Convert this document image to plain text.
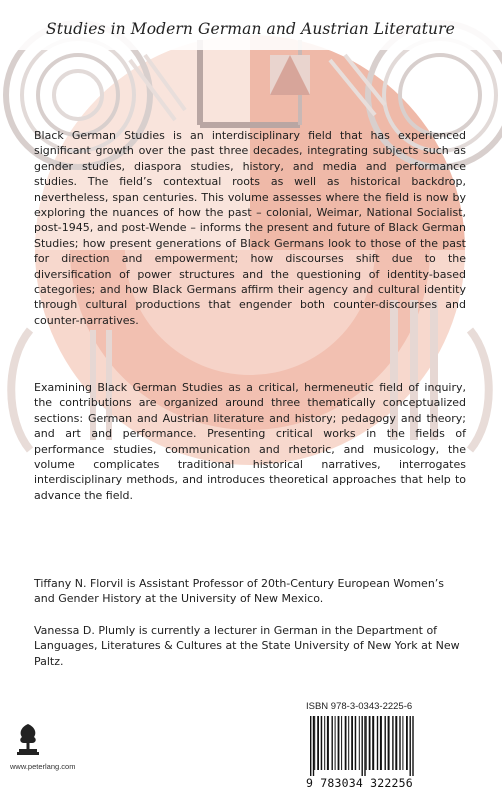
Studies in Modern German and Austrian Literature

Black German Studies is an interdisciplinary field that has experienced significant growth over the past three decades, integrating subjects such as gender studies, diaspora studies, history, and media and performance studies. The field’s contextual roots as well as historical backdrop, nevertheless, span centuries. This volume assesses where the field is now by exploring the nuances of how the past – colonial, Weimar, National Socialist, post-1945, and post-Wende – informs the present and future of Black German Studies; how present generations of Black Germans look to those of the past for direction and empowerment; how discourses shift due to the diversification of power structures and the questioning of identity-based categories; and how Black Germans affirm their agency and cultural identity through cultural productions that engender both counter-discourses and counter-narratives.

Examining Black German Studies as a critical, hermeneutic field of inquiry, the contributions are organized around three thematically conceptualized sections: German and Austrian literature and history; pedagogy and theory; and art and performance. Presenting critical works in the fields of performance studies, communication and rhetoric, and musicology, the volume complicates traditional historical narratives, interrogates interdisciplinary methods, and introduces theoretical approaches that help to advance the field.

Tiffany N. Florvil is Assistant Professor of 20th-Century European Women’s and Gender History at the University of New Mexico.

Vanessa D. Plumly is currently a lecturer in German in the Department of Languages, Literatures & Cultures at the State University of New York at New Paltz.

www.peterlang.com
ISBN 978-3-0343-2225-6
9 783034 322256
